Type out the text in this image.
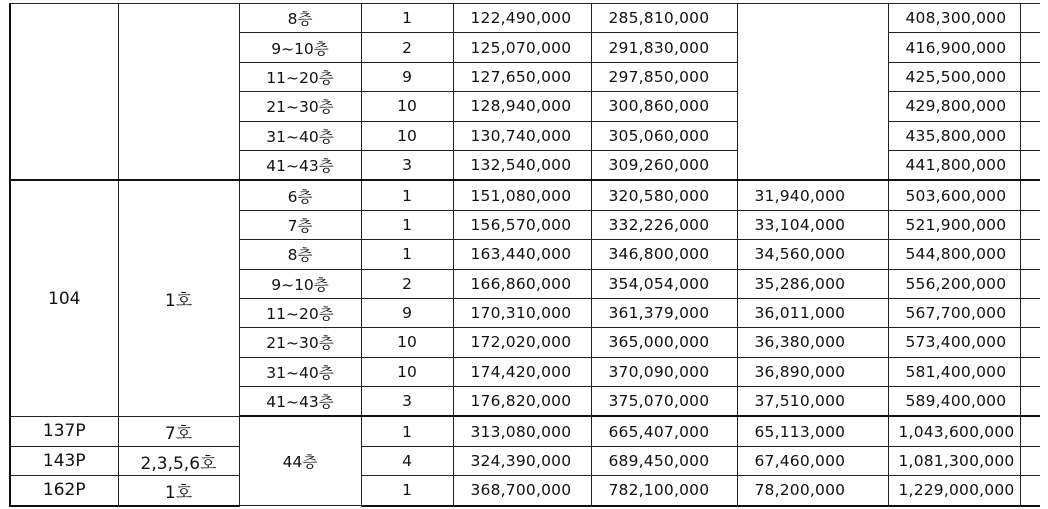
		8층	1	122,490,000	285,810,000		408,300,000	
		9~10층	2	125,070,000	291,830,000		416,900,000	
		11~20층	9	127,650,000	297,850,000		425,500,000	
		21~30층	10	128,940,000	300,860,000		429,800,000	
		31~40층	10	130,740,000	305,060,000		435,800,000	
		41~43층	3	132,540,000	309,260,000		441,800,000	
104	1호	6층	1	151,080,000	320,580,000	31,940,000	503,600,000	
		7층	1	156,570,000	332,226,000	33,104,000	521,900,000	
		8층	1	163,440,000	346,800,000	34,560,000	544,800,000	
		9~10층	2	166,860,000	354,054,000	35,286,000	556,200,000	
		11~20층	9	170,310,000	361,379,000	36,011,000	567,700,000	
		21~30층	10	172,020,000	365,000,000	36,380,000	573,400,000	
		31~40층	10	174,420,000	370,090,000	36,890,000	581,400,000	
		41~43층	3	176,820,000	375,070,000	37,510,000	589,400,000	
137P	7호	44층	1	313,080,000	665,407,000	65,113,000	1,043,600,000	
143P	2,3,5,6호		4	324,390,000	689,450,000	67,460,000	1,081,300,000	
162P	1호		1	368,700,000	782,100,000	78,200,000	1,229,000,000	
